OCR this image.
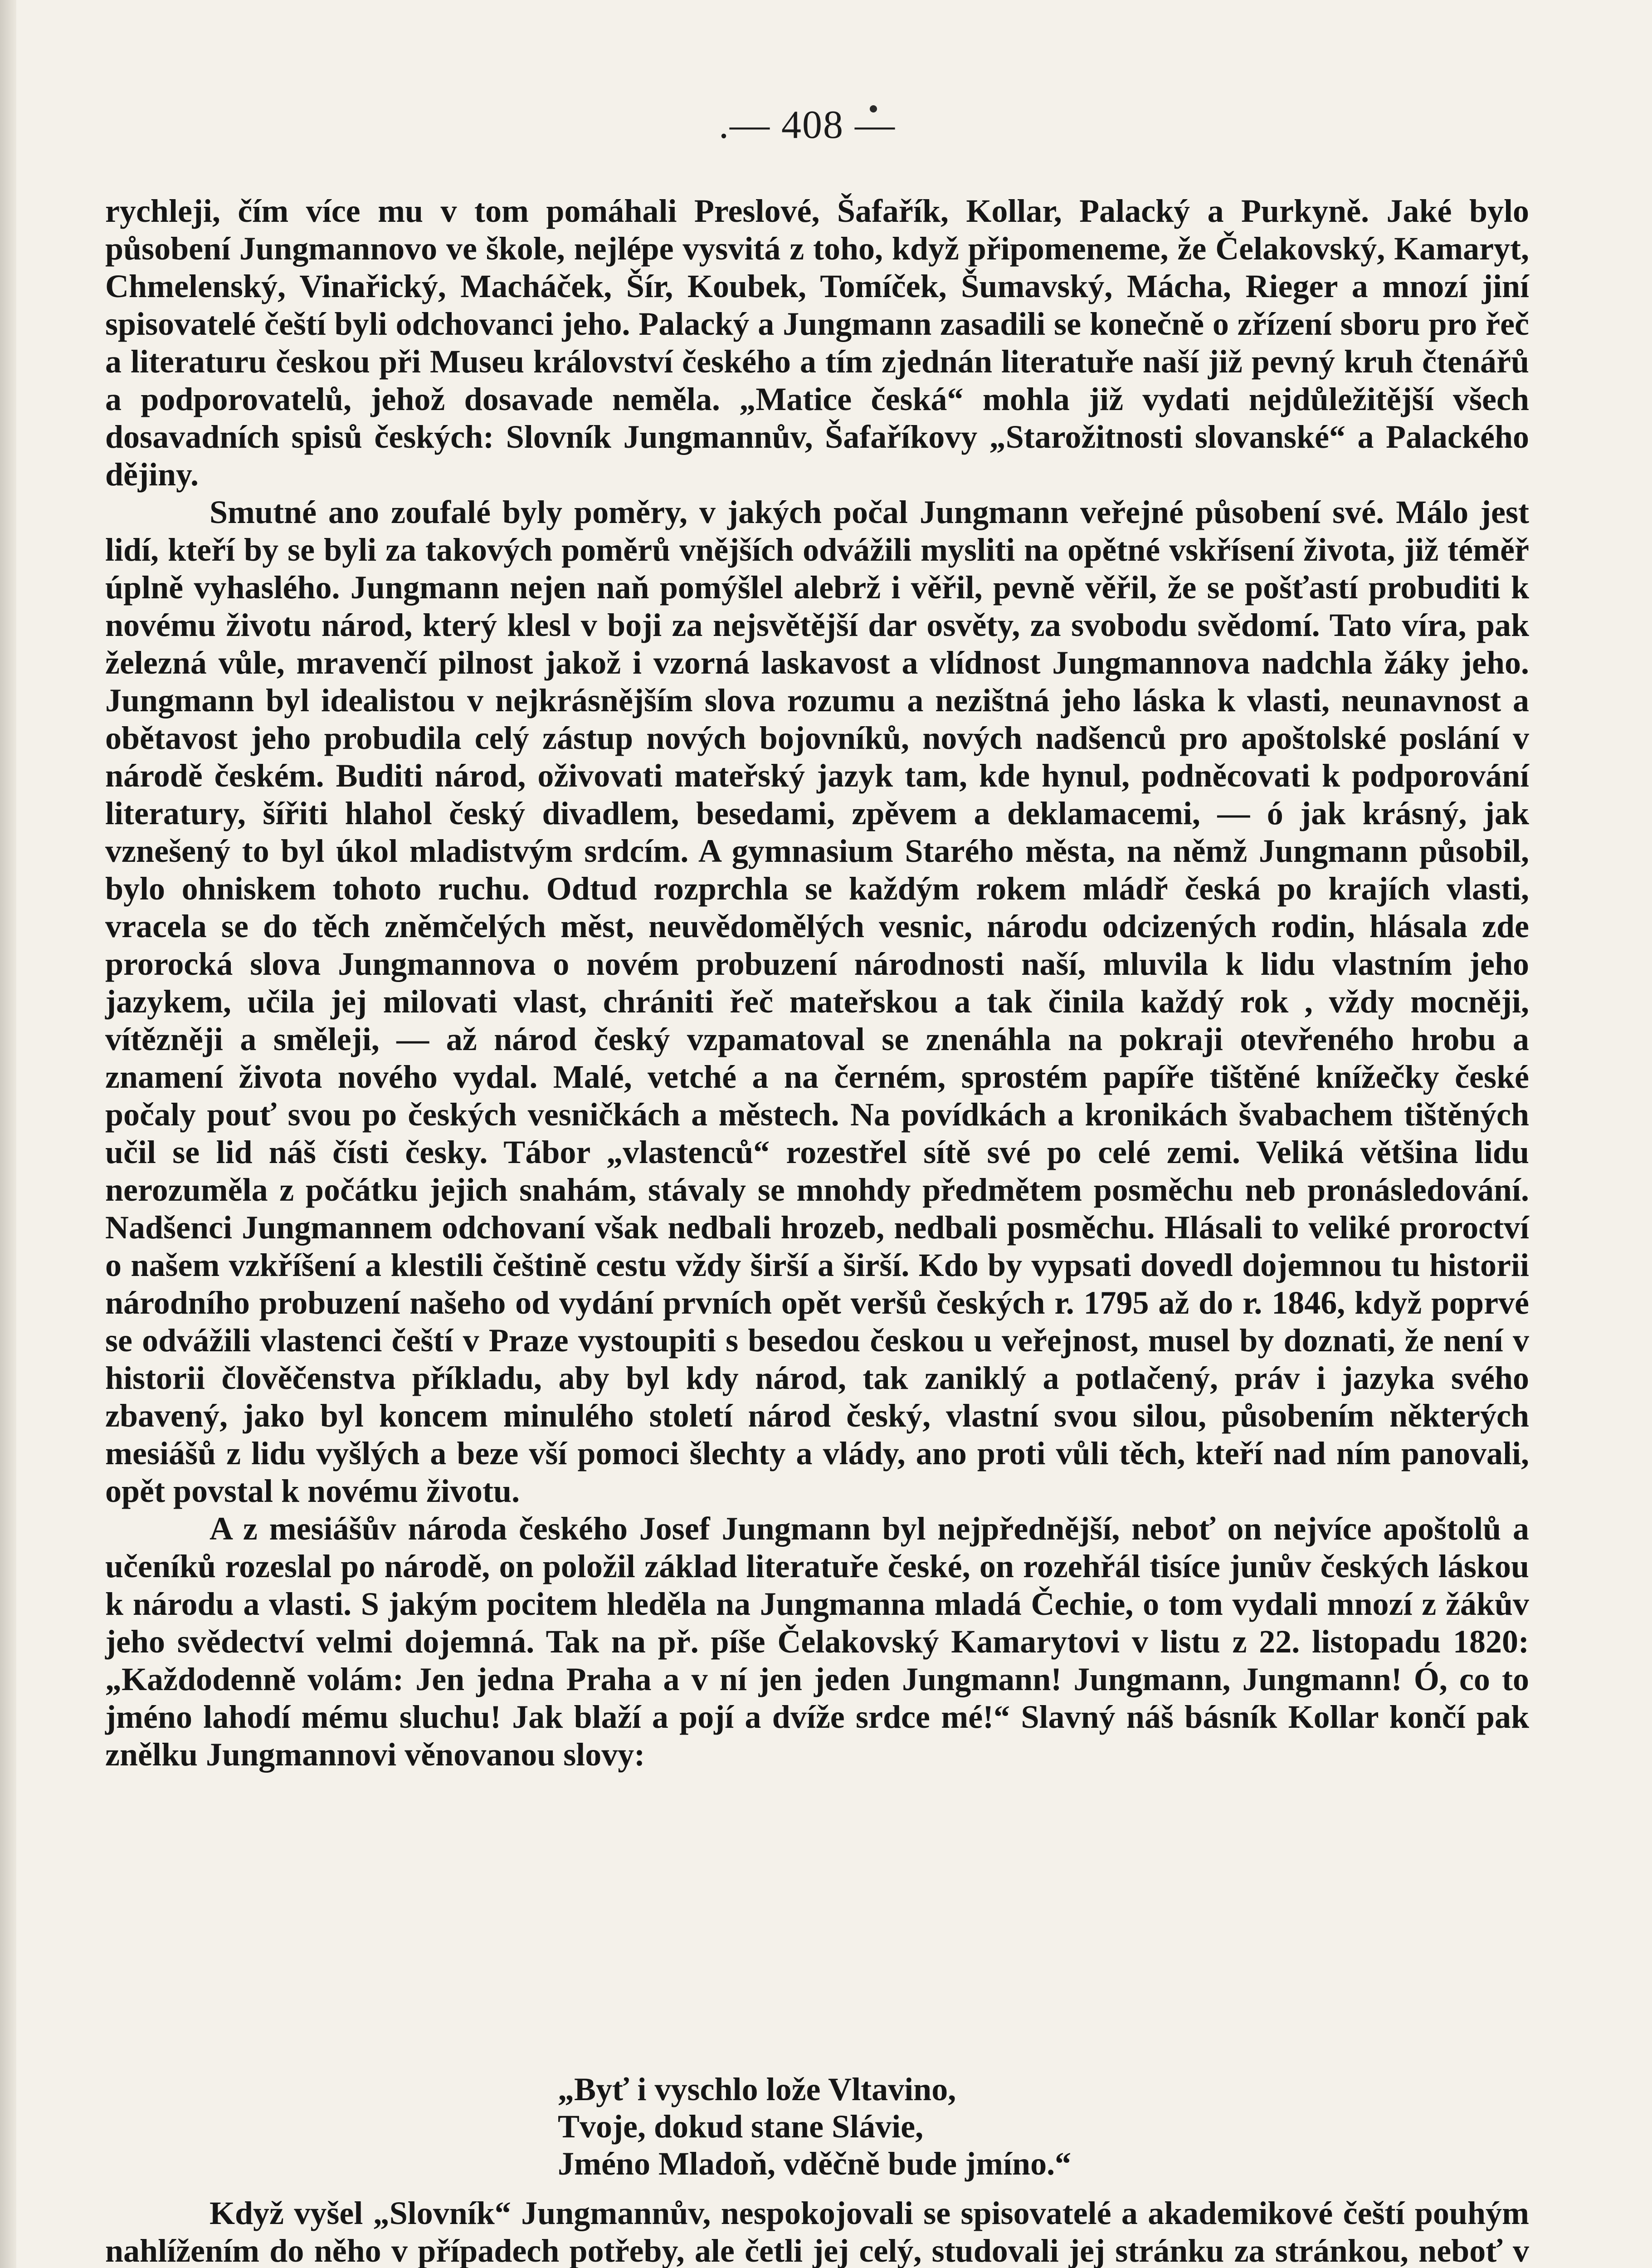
.— 408 —

rychleji, čím více mu v tom pomáhali Preslové, Šafařík, Kollar, Palacký a Purkyně. Jaké bylo působení Jungmannovo ve škole, nejlépe vysvitá z toho, když připomeneme, že Čelakovský, Kamaryt, Chmelenský, Vinařický, Macháček, Šír, Koubek, Tomíček, Šumavský, Mácha, Rieger a mnozí jiní spisovatelé čeští byli odchovanci jeho. Palacký a Jungmann zasadili se konečně o zřízení sboru pro řeč a literaturu českou při Museu království českého a tím zjednán literatuře naší již pevný kruh čtenářů a podporovatelů, jehož dosavade neměla. „Matice česká“ mohla již vydati nejdůležitější všech dosavadních spisů českých: Slovník Jungmannův, Šafaříkovy „Starožitnosti slovanské“ a Palackého dějiny.

Smutné ano zoufalé byly poměry, v jakých počal Jungmann veřejné působení své. Málo jest lidí, kteří by se byli za takových poměrů vnějších odvážili mysliti na opětné vskřísení života, již téměř úplně vyhaslého. Jungmann nejen naň pomýšlel alebrž i věřil, pevně věřil, že se pošťastí probuditi k novému životu národ, který klesl v boji za nejsvětější dar osvěty, za svobodu svědomí. Tato víra, pak železná vůle, mravenčí pilnost jakož i vzorná laskavost a vlídnost Jungmannova nadchla žáky jeho. Jungmann byl idealistou v nejkrásnějším slova rozumu a nezištná jeho láska k vlasti, neunavnost a obětavost jeho probudila celý zástup nových bojovníků, nových nadšenců pro apoštolské poslání v národě českém. Buditi národ, oživovati mateřský jazyk tam, kde hynul, podněcovati k podporování literatury, šířiti hlahol český divadlem, besedami, zpěvem a deklamacemi, — ó jak krásný, jak vznešený to byl úkol mladistvým srdcím. A gymnasium Starého města, na němž Jungmann působil, bylo ohniskem tohoto ruchu. Odtud rozprchla se každým rokem mládř česká po krajích vlasti, vracela se do těch zněmčelých měst, neuvědomělých vesnic, národu odcizených rodin, hlásala zde prorocká slova Jungmannova o novém probuzení národnosti naší, mluvila k lidu vlastním jeho jazykem, učila jej milovati vlast, chrániti řeč mateřskou a tak činila každý rok , vždy mocněji, vítězněji a směleji, — až národ český vzpamatoval se znenáhla na pokraji otevřeného hrobu a znamení života nového vydal. Malé, vetché a na černém, sprostém papíře tištěné knížečky české počaly pouť svou po českých vesničkách a městech. Na povídkách a kronikách švabachem tištěných učil se lid náš čísti česky. Tábor „vlastenců“ rozestřel sítě své po celé zemi. Veliká většina lidu nerozuměla z počátku jejich snahám, stávaly se mnohdy předmětem posměchu neb pronásledování. Nadšenci Jungmannem odchovaní však nedbali hrozeb, nedbali posměchu. Hlásali to veliké proroctví o našem vzkříšení a klestili češtině cestu vždy širší a širší. Kdo by vypsati dovedl dojemnou tu historii národního probuzení našeho od vydání prvních opět veršů českých r. 1795 až do r. 1846, když poprvé se odvážili vlastenci čeští v Praze vystoupiti s besedou českou u veřejnost, musel by doznati, že není v historii člověčenstva příkladu, aby byl kdy národ, tak zaniklý a potlačený, práv i jazyka svého zbavený, jako byl koncem minulého století národ český, vlastní svou silou, působením některých mesiášů z lidu vyšlých a beze vší pomoci šlechty a vlády, ano proti vůli těch, kteří nad ním panovali, opět povstal k novému životu.

A z mesiášův národa českého Josef Jungmann byl nejpřednější, neboť on nejvíce apoštolů a učeníků rozeslal po národě, on položil základ literatuře české, on rozehřál tisíce junův českých láskou k národu a vlasti. S jakým pocitem hleděla na Jungmanna mladá Čechie, o tom vydali mnozí z žákův jeho svědectví velmi dojemná. Tak na př. píše Čelakovský Kamarytovi v listu z 22. listopadu 1820: „Každodenně volám: Jen jedna Praha a v ní jen jeden Jungmann! Jungmann, Jungmann! Ó, co to jméno lahodí mému sluchu! Jak blaží a pojí a dvíže srdce mé!“ Slavný náš básník Kollar končí pak znělku Jungmannovi věnovanou slovy:

„Byť i vyschlo lože Vltavino,
Tvoje, dokud stane Slávie,
Jméno Mladoň, vděčně bude jmíno.“

Když vyšel „Slovník“ Jungmannův, nespokojovali se spisovatelé a akademikové čeští pouhým nahlížením do něho v případech potřeby, ale četli jej celý, studovali jej stránku za stránkou, neboť v
